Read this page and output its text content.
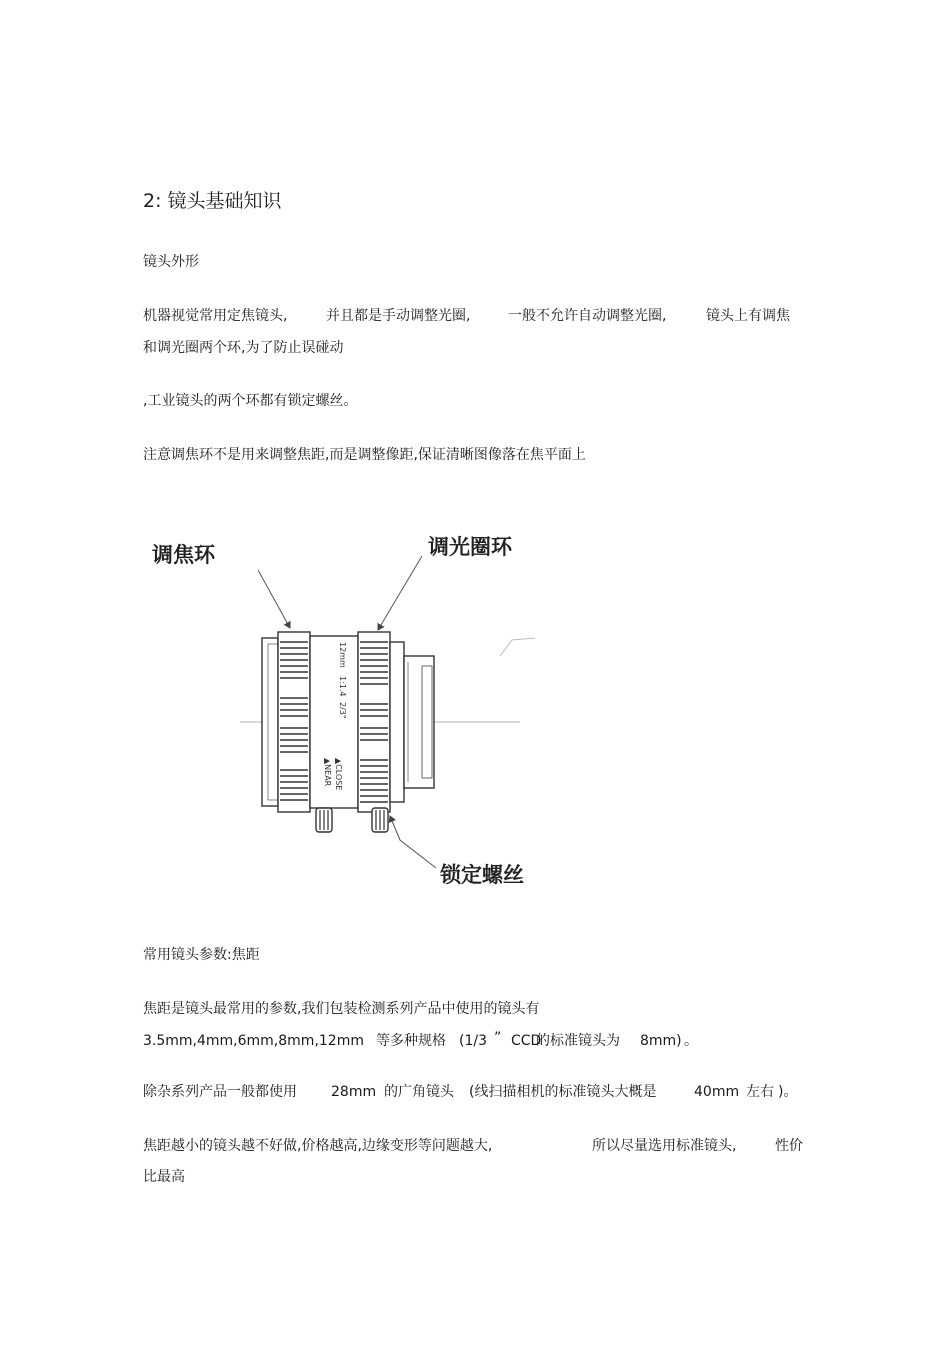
2: 镜头基础知识
镜头外形
机器视觉常用定焦镜头,	并且都是手动调整光圈,	一般不允许自动调整光圈,	镜头上有调焦
和调光圈两个环,为了防止误碰动
,工业镜头的两个环都有锁定螺丝。
注意调焦环不是用来调整焦距,而是调整像距,保证清晰图像落在焦平面上
调焦环	调光圈环
锁定螺丝
12mm
1:1.4
2/3"
▲CLOSE
▲NEAR
常用镜头参数:焦距
焦距是镜头最常用的参数,我们包装检测系列产品中使用的镜头有
3.5mm,4mm,6mm,8mm,12mm 等多种规格 (1/3 ” CCD
的标准镜头为 8mm) 。
除杂系列产品一般都使用 28mm 的广角镜头 (线扫描相机的标准镜头大概是	40mm 左右 )。
焦距越小的镜头越不好做,价格越高,边缘变形等问题越大,	所以尽量选用标准镜头,	性价
比最高
